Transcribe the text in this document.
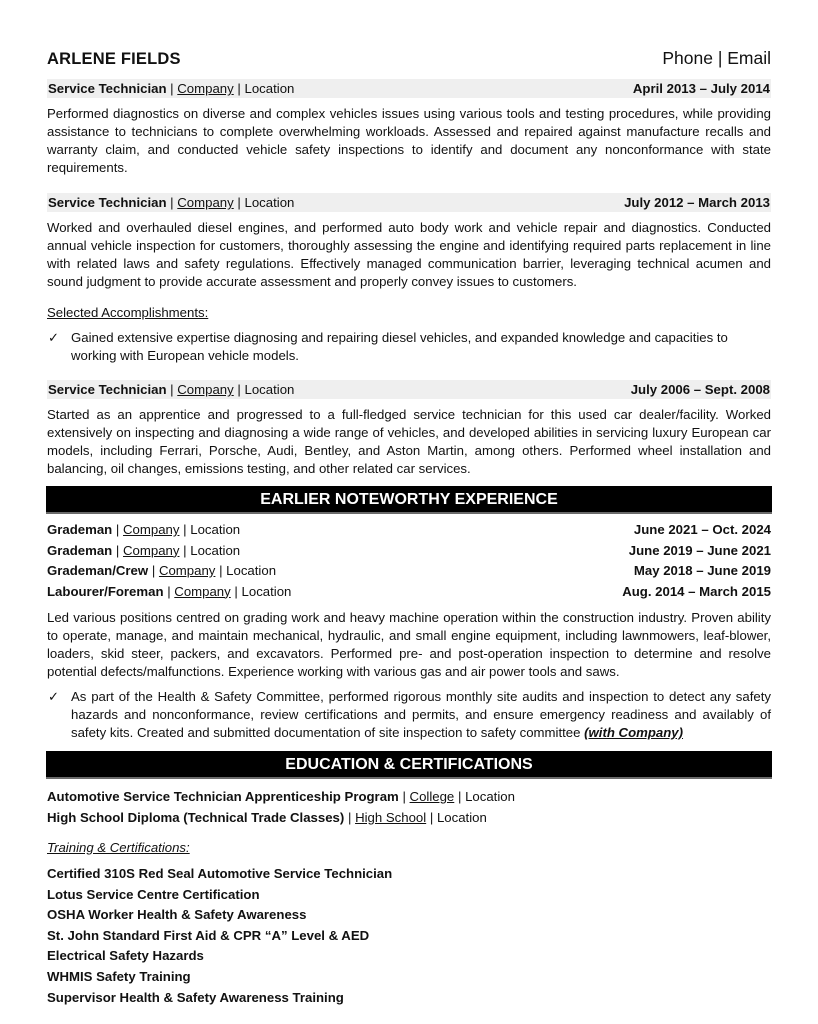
ARLENE FIELDS	Phone | Email
Service Technician | Company | Location	April 2013 – July 2014

Performed diagnostics on diverse and complex vehicles issues using various tools and testing procedures, while providing assistance to technicians to complete overwhelming workloads. Assessed and repaired against manufacture recalls and warranty claim, and conducted vehicle safety inspections to identify and document any nonconformance with state requirements.

Service Technician | Company | Location	July 2012 – March 2013

Worked and overhauled diesel engines, and performed auto body work and vehicle repair and diagnostics. Conducted annual vehicle inspection for customers, thoroughly assessing the engine and identifying required parts replacement in line with related laws and safety regulations. Effectively managed communication barrier, leveraging technical acumen and sound judgment to provide accurate assessment and properly convey issues to customers.

Selected Accomplishments:
✓ Gained extensive expertise diagnosing and repairing diesel vehicles, and expanded knowledge and capacities to working with European vehicle models.
Service Technician | Company | Location	July 2006 – Sept. 2008

Started as an apprentice and progressed to a full-fledged service technician for this used car dealer/facility. Worked extensively on inspecting and diagnosing a wide range of vehicles, and developed abilities in servicing luxury European car models, including Ferrari, Porsche, Audi, Bentley, and Aston Martin, among others. Performed wheel installation and balancing, oil changes, emissions testing, and other related car services.

EARLIER NOTEWORTHY EXPERIENCE
Grademan | Company | Location	June 2021 – Oct. 2024
Grademan | Company | Location	June 2019 – June 2021
Grademan/Crew | Company | Location	May 2018 – June 2019
Labourer/Foreman | Company | Location	Aug. 2014 – March 2015

Led various positions centred on grading work and heavy machine operation within the construction industry. Proven ability to operate, manage, and maintain mechanical, hydraulic, and small engine equipment, including lawnmowers, leaf-blower, loaders, skid steer, packers, and excavators. Performed pre- and post-operation inspection to determine and resolve potential defects/malfunctions. Experience working with various gas and air power tools and saws.

✓ As part of the Health & Safety Committee, performed rigorous monthly site audits and inspection to detect any safety hazards and nonconformance, review certifications and permits, and ensure emergency readiness and availably of safety kits. Created and submitted documentation of site inspection to safety committee (with Company)
EDUCATION & CERTIFICATIONS
Automotive Service Technician Apprenticeship Program | College | Location
High School Diploma (Technical Trade Classes) | High School | Location
Training & Certifications:
Certified 310S Red Seal Automotive Service Technician
Lotus Service Centre Certification
OSHA Worker Health & Safety Awareness
St. John Standard First Aid & CPR “A” Level & AED
Electrical Safety Hazards
WHMIS Safety Training
Supervisor Health & Safety Awareness Training
